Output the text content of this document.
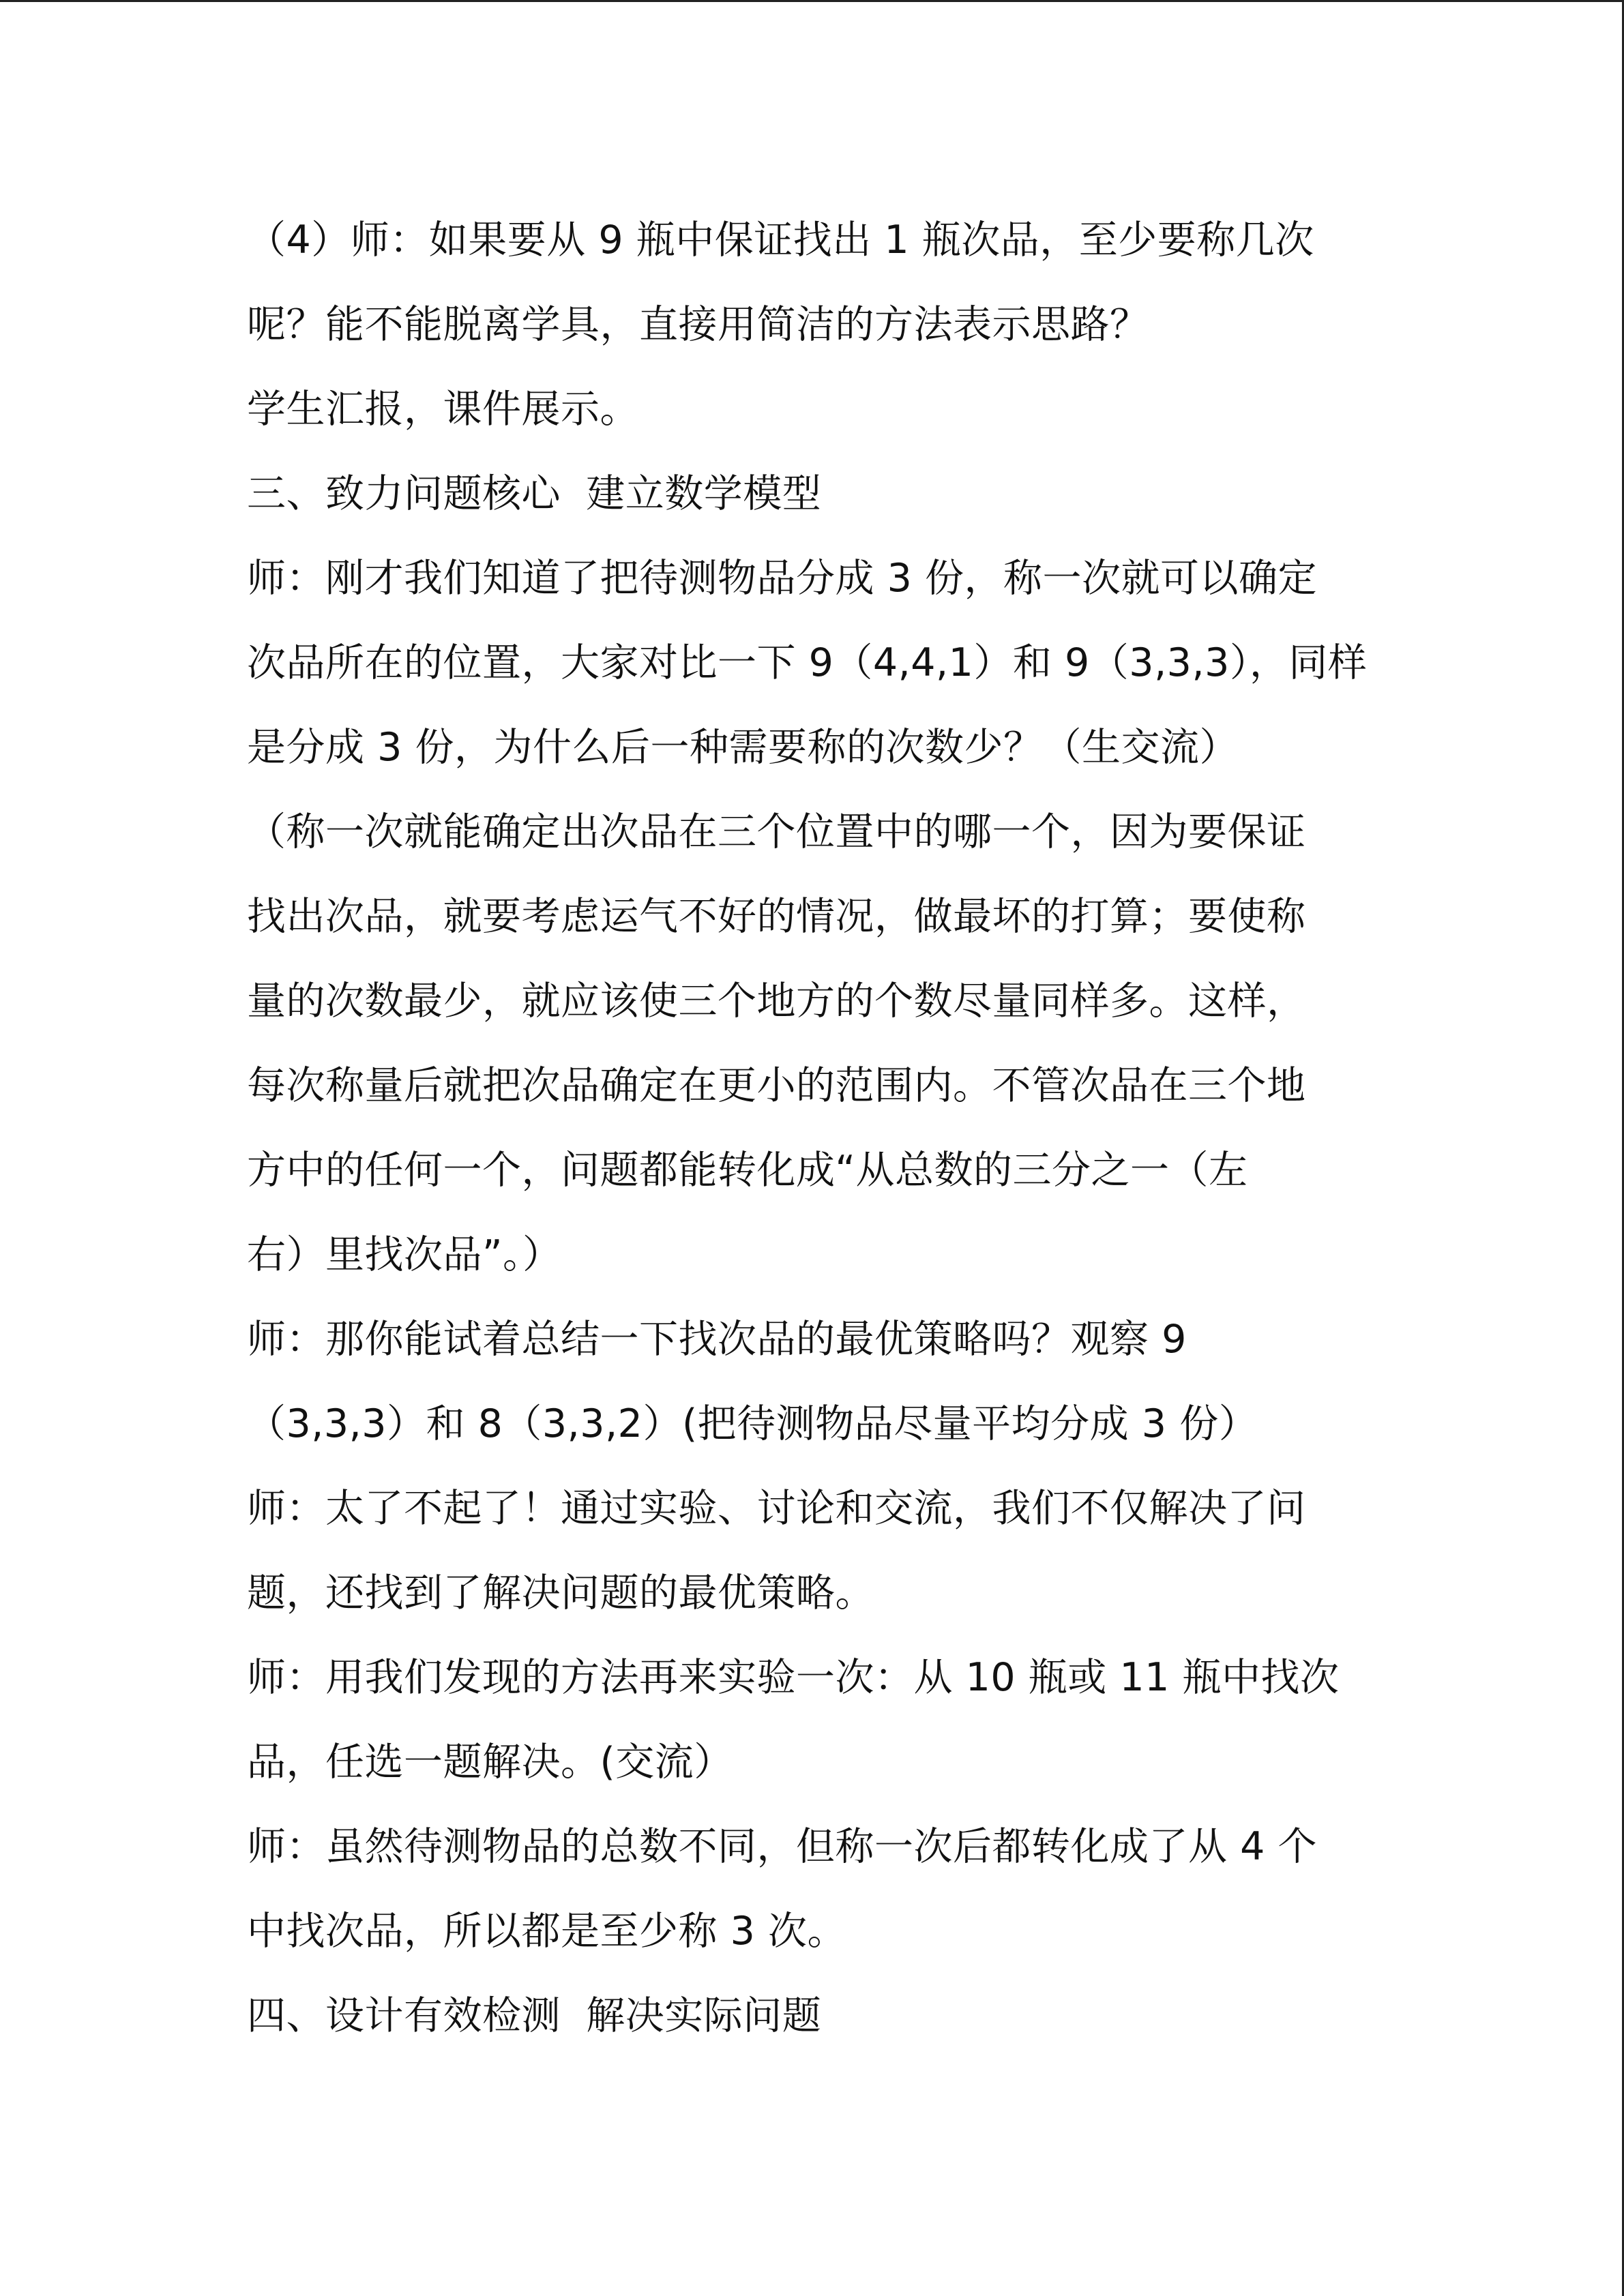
（4）师：如果要从 9 瓶中保证找出 1 瓶次品，至少要称几次
呢？能不能脱离学具，直接用简洁的方法表示思路？
学生汇报，课件展示。
三、致力问题核心  建立数学模型
师：刚才我们知道了把待测物品分成 3 份，称一次就可以确定
次品所在的位置，大家对比一下 9（4,4,1）和 9（3,3,3），同样
是分成 3 份，为什么后一种需要称的次数少？（生交流）
（称一次就能确定出次品在三个位置中的哪一个，因为要保证
找出次品，就要考虑运气不好的情况，做最坏的打算；要使称
量的次数最少，就应该使三个地方的个数尽量同样多。这样，
每次称量后就把次品确定在更小的范围内。不管次品在三个地
方中的任何一个，问题都能转化成“从总数的三分之一（左
右）里找次品”。）
师：那你能试着总结一下找次品的最优策略吗？观察 9
（3,3,3）和 8（3,3,2）(把待测物品尽量平均分成 3 份）
师：太了不起了！通过实验、讨论和交流，我们不仅解决了问
题，还找到了解决问题的最优策略。
师：用我们发现的方法再来实验一次：从 10 瓶或 11 瓶中找次
品，任选一题解决。(交流）
师：虽然待测物品的总数不同，但称一次后都转化成了从 4 个
中找次品，所以都是至少称 3 次。
四、设计有效检测  解决实际问题
